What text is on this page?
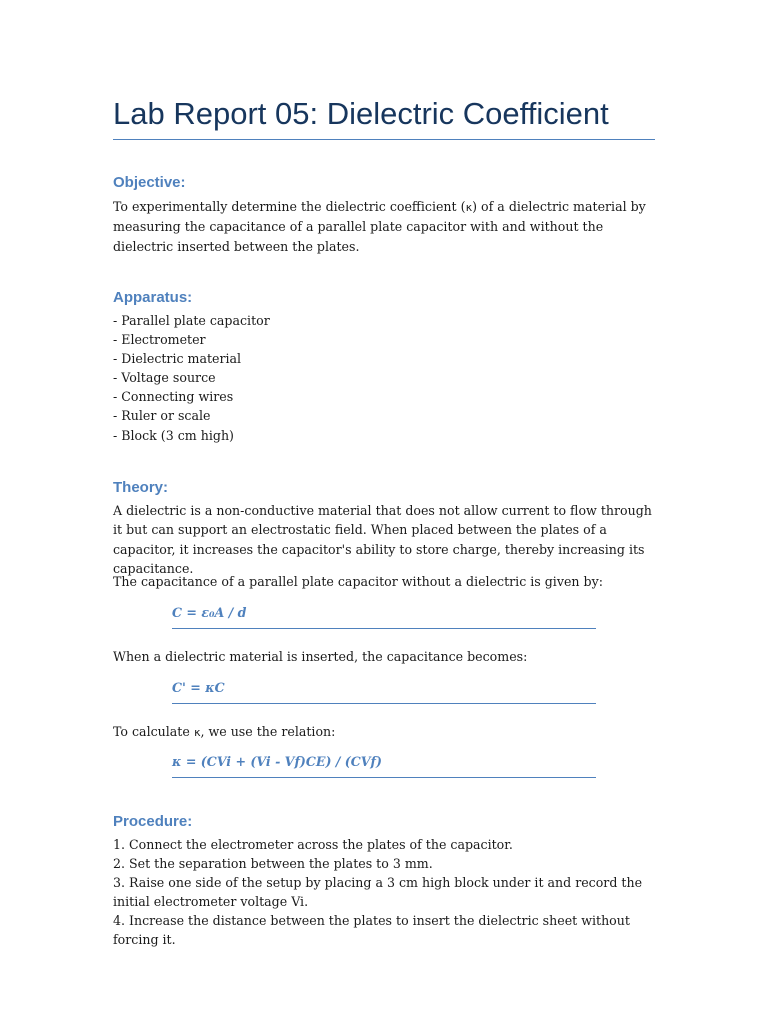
Lab Report 05: Dielectric Coefficient
Objective:

To experimentally determine the dielectric coefficient (κ) of a dielectric material by measuring the capacitance of a parallel plate capacitor with and without the dielectric inserted between the plates.

Apparatus:
- Parallel plate capacitor
- Electrometer
- Dielectric material
- Voltage source
- Connecting wires
- Ruler or scale
- Block (3 cm high)
Theory:

A dielectric is a non-conductive material that does not allow current to flow through it but can support an electrostatic field. When placed between the plates of a capacitor, it increases the capacitor's ability to store charge, thereby increasing its capacitance.

The capacitance of a parallel plate capacitor without a dielectric is given by:

C = ε₀A / d

When a dielectric material is inserted, the capacitance becomes:

C' = κC

To calculate κ, we use the relation:

κ = (CVi + (Vi - Vf)CE) / (CVf)
Procedure:
1. Connect the electrometer across the plates of the capacitor.
2. Set the separation between the plates to 3 mm.
3. Raise one side of the setup by placing a 3 cm high block under it and record the initial electrometer voltage Vi.
4. Increase the distance between the plates to insert the dielectric sheet without forcing it.
